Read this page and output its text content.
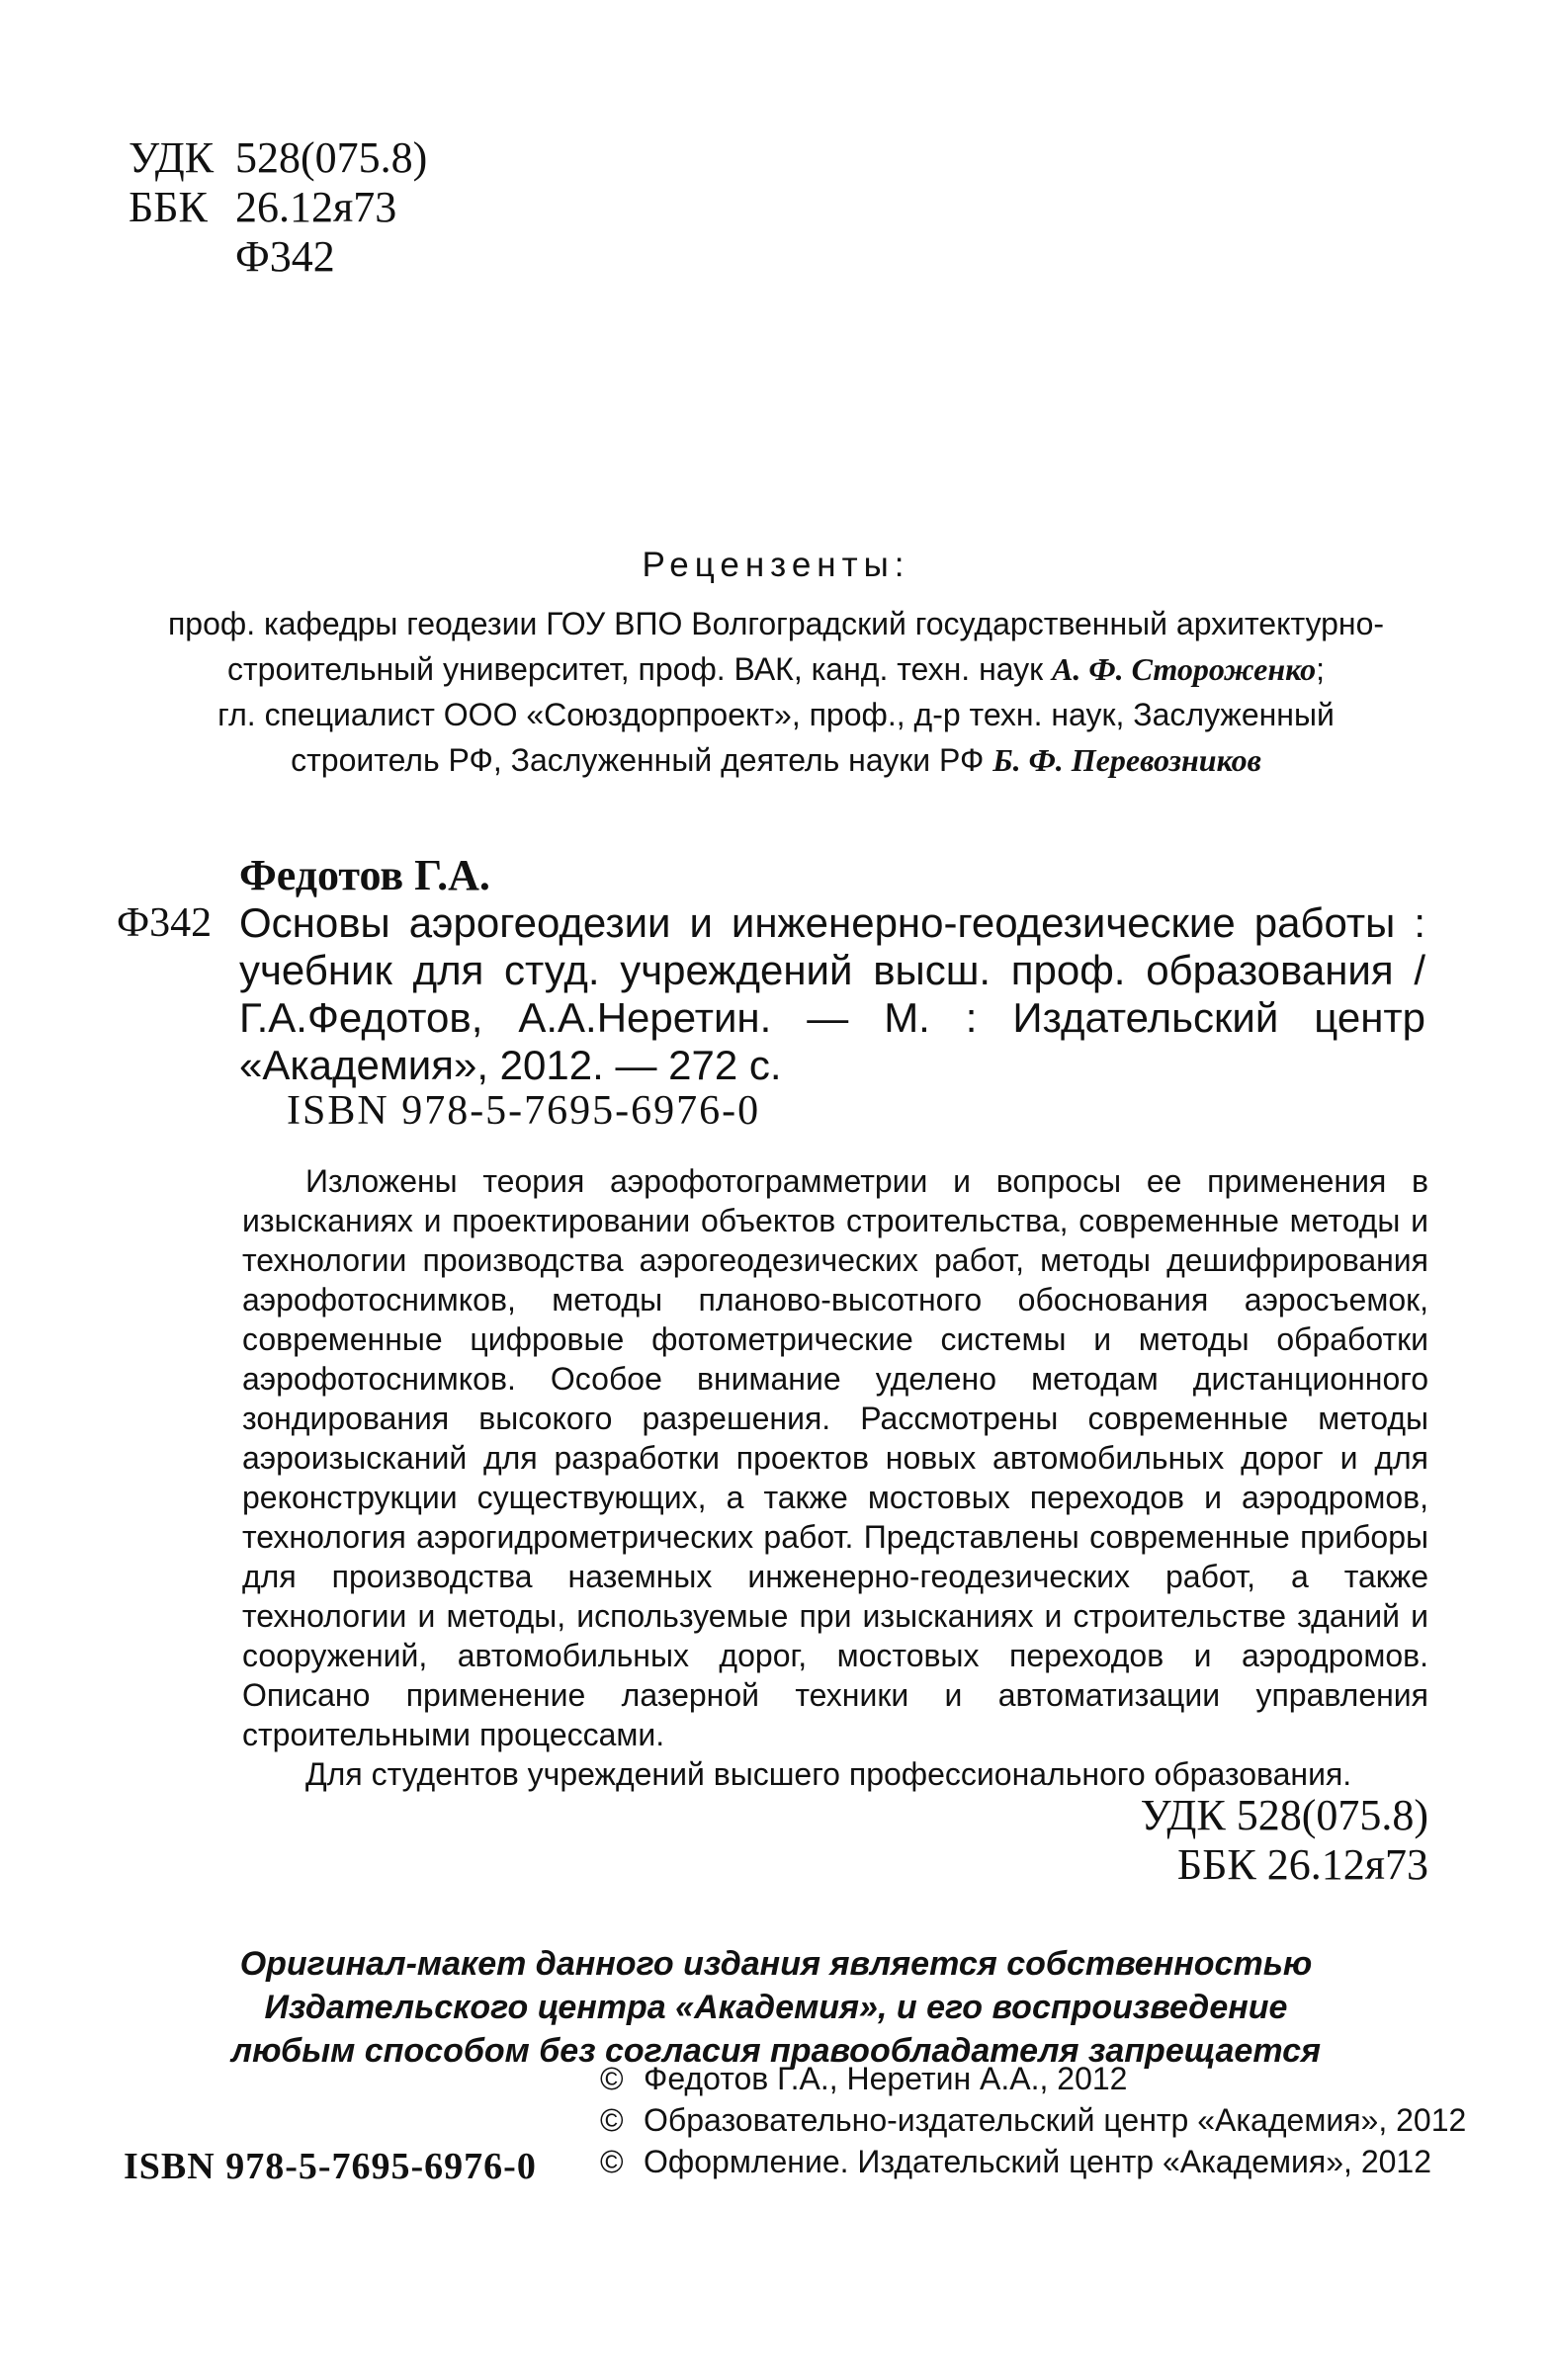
УДК 528(075.8)
ББК 26.12я73
Ф342
Рецензенты:
проф. кафедры геодезии ГОУ ВПО Волгоградский государственный архитектурно-
строительный университет, проф. ВАК, канд. техн. наук А. Ф. Стороженко;
гл. специалист ООО «Союздорпроект», проф., д-р техн. наук, Заслуженный
строитель РФ, Заслуженный деятель науки РФ Б. Ф. Перевозников
Федотов Г.А.
Ф342 Основы аэрогеодезии и инженерно-геодезические работы : учебник для студ. учреждений высш. проф. образования / Г.А.Федотов, А.А.Неретин. — М. : Издательский центр «Академия», 2012. — 272 с.
ISBN 978-5-7695-6976-0

Изложены теория аэрофотограмметрии и вопросы ее применения в изысканиях и проектировании объектов строительства, современные методы и технологии производства аэрогеодезических работ, методы дешифрирования аэрофотоснимков, методы планово-высотного обоснования аэросъемок, современные цифровые фотометрические системы и методы обработки аэрофотоснимков. Особое внимание уделено методам дистанционного зондирования высокого разрешения. Рассмотрены современные методы аэроизысканий для разработки проектов новых автомобильных дорог и для реконструкции существующих, а также мостовых переходов и аэродромов, технология аэрогидрометрических работ. Представлены современные приборы для производства наземных инженерно-геодезических работ, а также технологии и методы, используемые при изысканиях и строительстве зданий и сооружений, автомобильных дорог, мостовых переходов и аэродромов. Описано применение лазерной техники и автоматизации управления строительными процессами.

Для студентов учреждений высшего профессионального образования.

УДК 528(075.8)
ББК 26.12я73
Оригинал-макет данного издания является собственностью
Издательского центра «Академия», и его воспроизведение
любым способом без согласия правообладателя запрещается
ISBN 978-5-7695-6976-0
© Федотов Г.А., Неретин А.А., 2012
© Образовательно-издательский центр «Академия», 2012
© Оформление. Издательский центр «Академия», 2012
